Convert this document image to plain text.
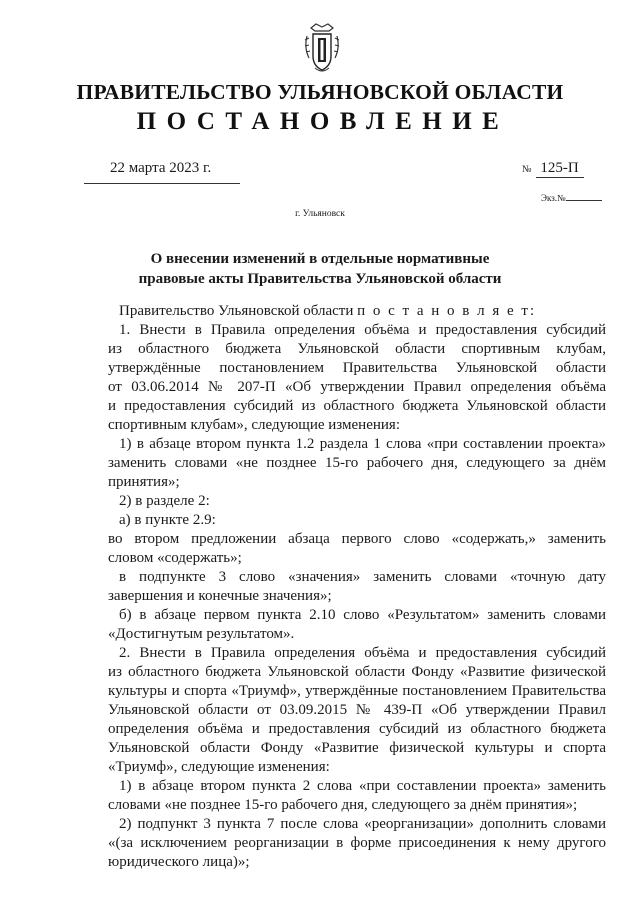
ПРАВИТЕЛЬСТВО УЛЬЯНОВСКОЙ ОБЛАСТИ
ПОСТАНОВЛЕНИЕ
22 марта 2023 г.	№ 125-П
Экз.№
г. Ульяновск
О внесении изменений в отдельные нормативные
правовые акты Правительства Ульяновской области

Правительство Ульяновской области п о с т а н о в л я е т:

1. Внести в Правила определения объёма и предоставления субсидий

из областного бюджета Ульяновской области спортивным клубам,

утверждённые постановлением Правительства Ульяновской области

от 03.06.2014 № 207-П «Об утверждении Правил определения объёма

и предоставления субсидий из областного бюджета Ульяновской области

спортивным клубам», следующие изменения:

1) в абзаце втором пункта 1.2 раздела 1 слова «при составлении проекта»

заменить словами «не позднее 15-го рабочего дня, следующего за днём

принятия»;

2) в разделе 2:

а) в пункте 2.9:

во втором предложении абзаца первого слово «содержать,» заменить

словом «содержать»;

в подпункте 3 слово «значения» заменить словами «точную дату

завершения и конечные значения»;

б) в абзаце первом пункта 2.10 слово «Результатом» заменить словами

«Достигнутым результатом».

2. Внести в Правила определения объёма и предоставления субсидий

из областного бюджета Ульяновской области Фонду «Развитие физической

культуры и спорта «Триумф», утверждённые постановлением Правительства

Ульяновской области от 03.09.2015 № 439-П «Об утверждении Правил

определения объёма и предоставления субсидий из областного бюджета

Ульяновской области Фонду «Развитие физической культуры и спорта

«Триумф», следующие изменения:

1) в абзаце втором пункта 2 слова «при составлении проекта» заменить

словами «не позднее 15-го рабочего дня, следующего за днём принятия»;

2) подпункт 3 пункта 7 после слова «реорганизации» дополнить словами

«(за исключением реорганизации в форме присоединения к нему другого

юридического лица)»;
